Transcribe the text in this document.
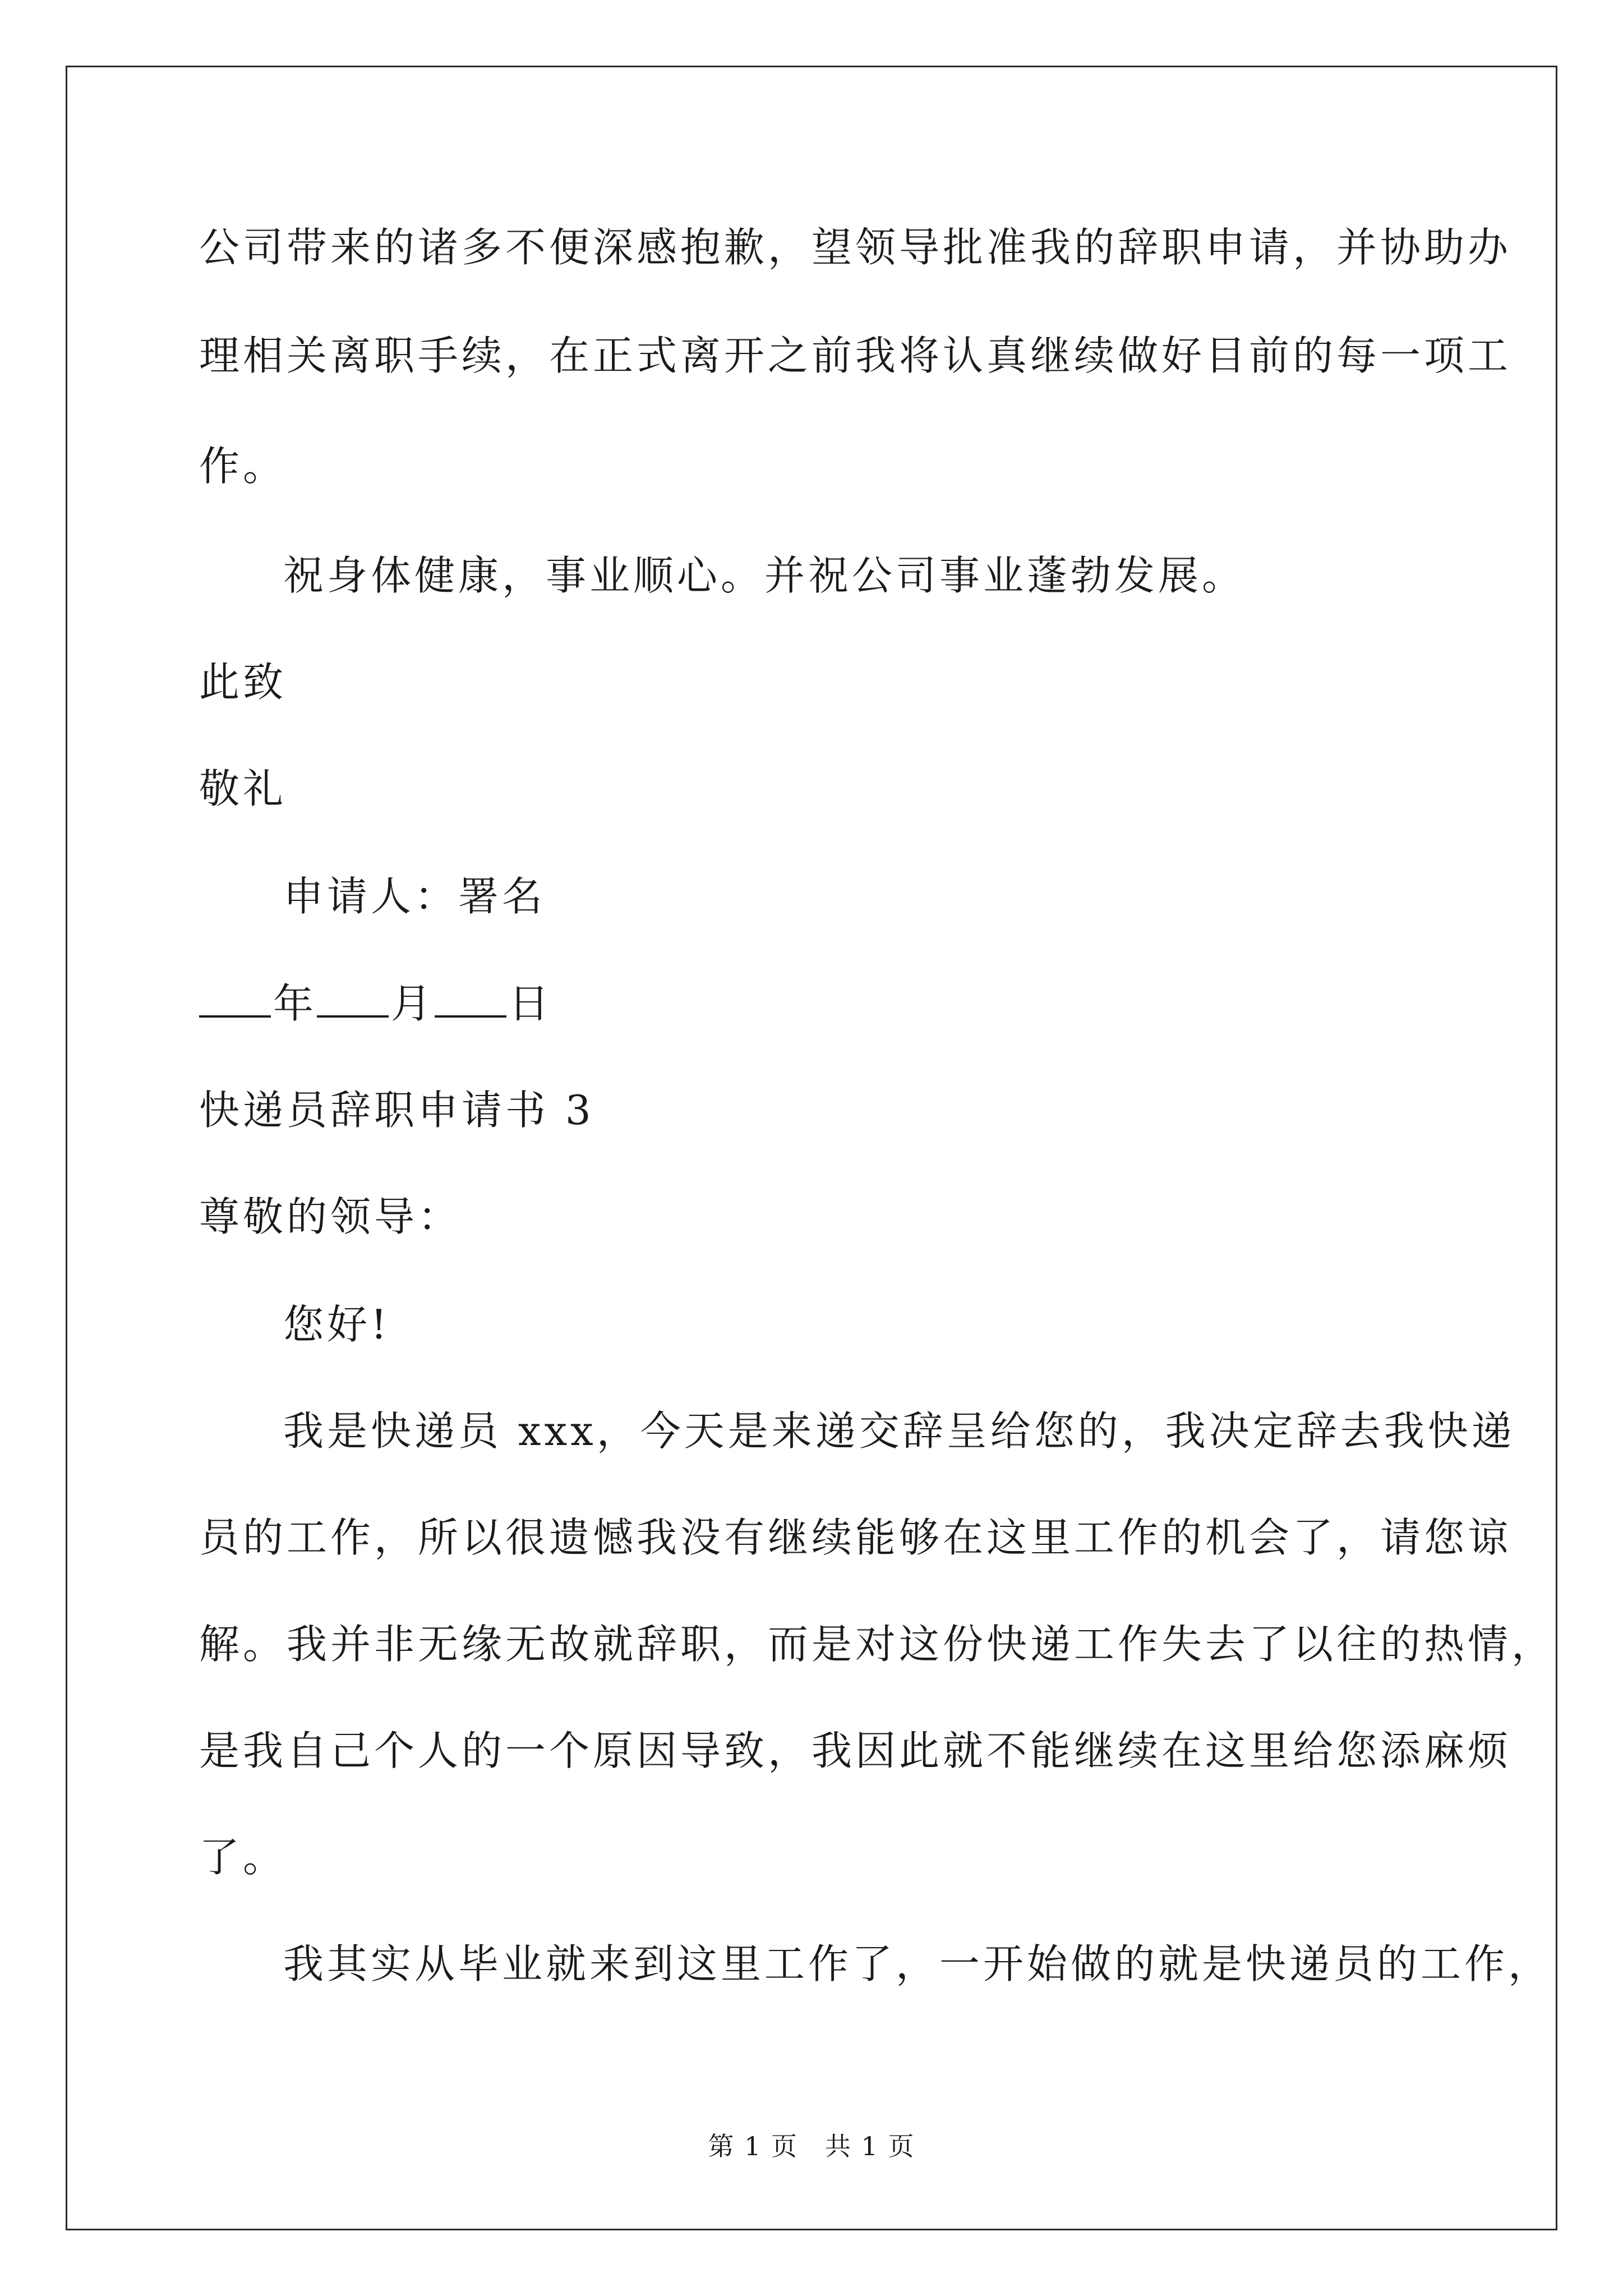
公司带来的诸多不便深感抱歉，望领导批准我的辞职申请，并协助办
理相关离职手续，在正式离开之前我将认真继续做好目前的每一项工
作。
祝身体健康，事业顺心。并祝公司事业蓬勃发展。
此致
敬礼
申请人：署名
年 月 日
快递员辞职申请书 3
尊敬的领导：
您好!
我是快递员 xxx，今天是来递交辞呈给您的，我决定辞去我快递
员的工作，所以很遗憾我没有继续能够在这里工作的机会了，请您谅
解。我并非无缘无故就辞职，而是对这份快递工作失去了以往的热情，
是我自己个人的一个原因导致，我因此就不能继续在这里给您添麻烦
了。
我其实从毕业就来到这里工作了，一开始做的就是快递员的工作，
第 1 页　共 1 页
